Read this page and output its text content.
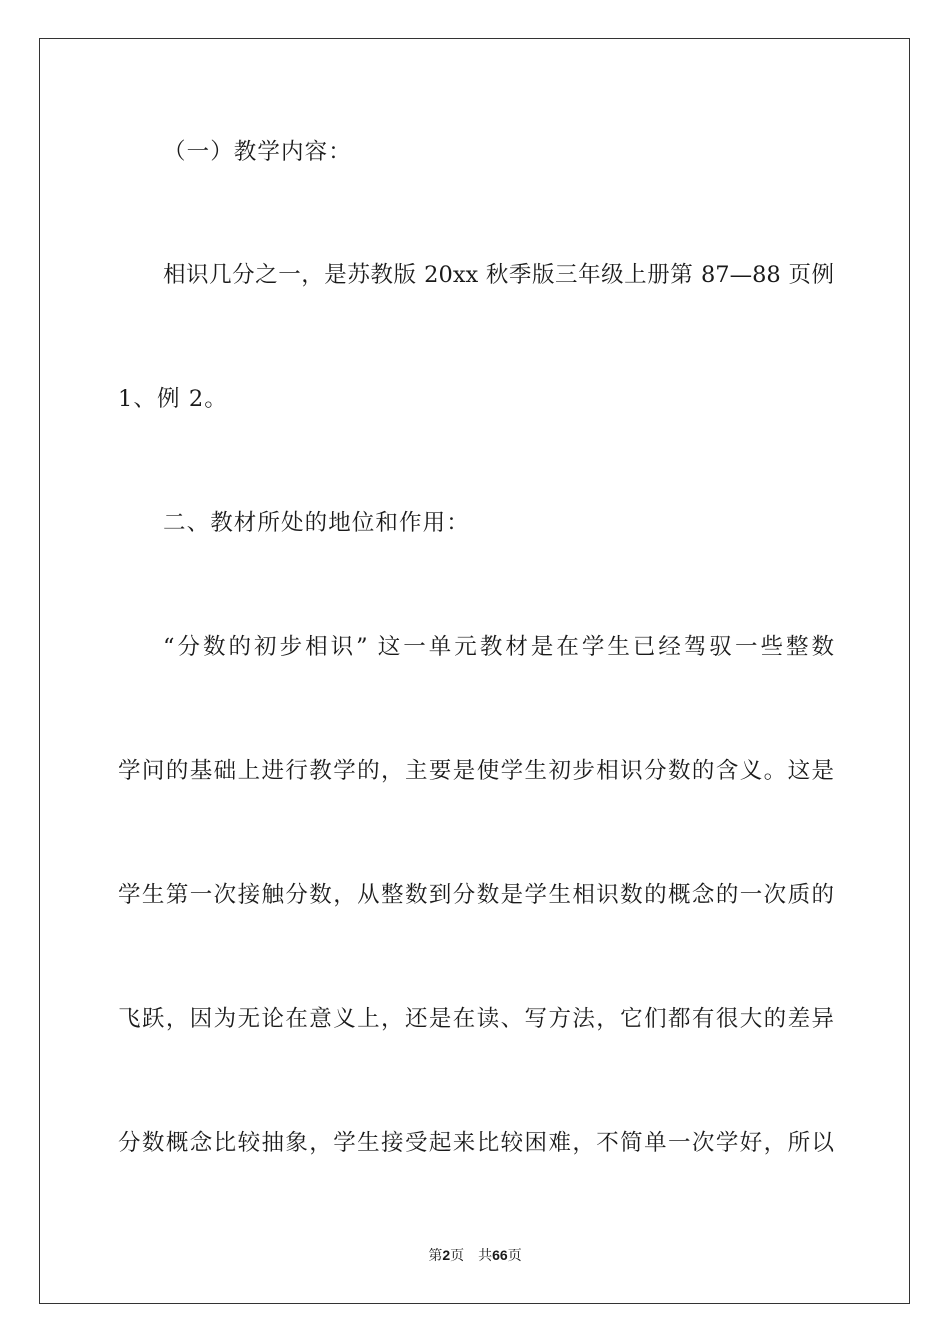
（一）教学内容：
相识几分之一，是苏教版 20xx 秋季版三年级上册第 87—88 页例
1、例 2。
二、教材所处的地位和作用：
“分数的初步相识” 这一单元教材是在学生已经驾驭一些整数
学问的基础上进行教学的，主要是使学生初步相识分数的含义。这是
学生第一次接触分数，从整数到分数是学生相识数的概念的一次质的
飞跃，因为无论在意义上，还是在读、写方法，它们都有很大的差异
分数概念比较抽象，学生接受起来比较困难，不简单一次学好，所以
第2页 共66页
